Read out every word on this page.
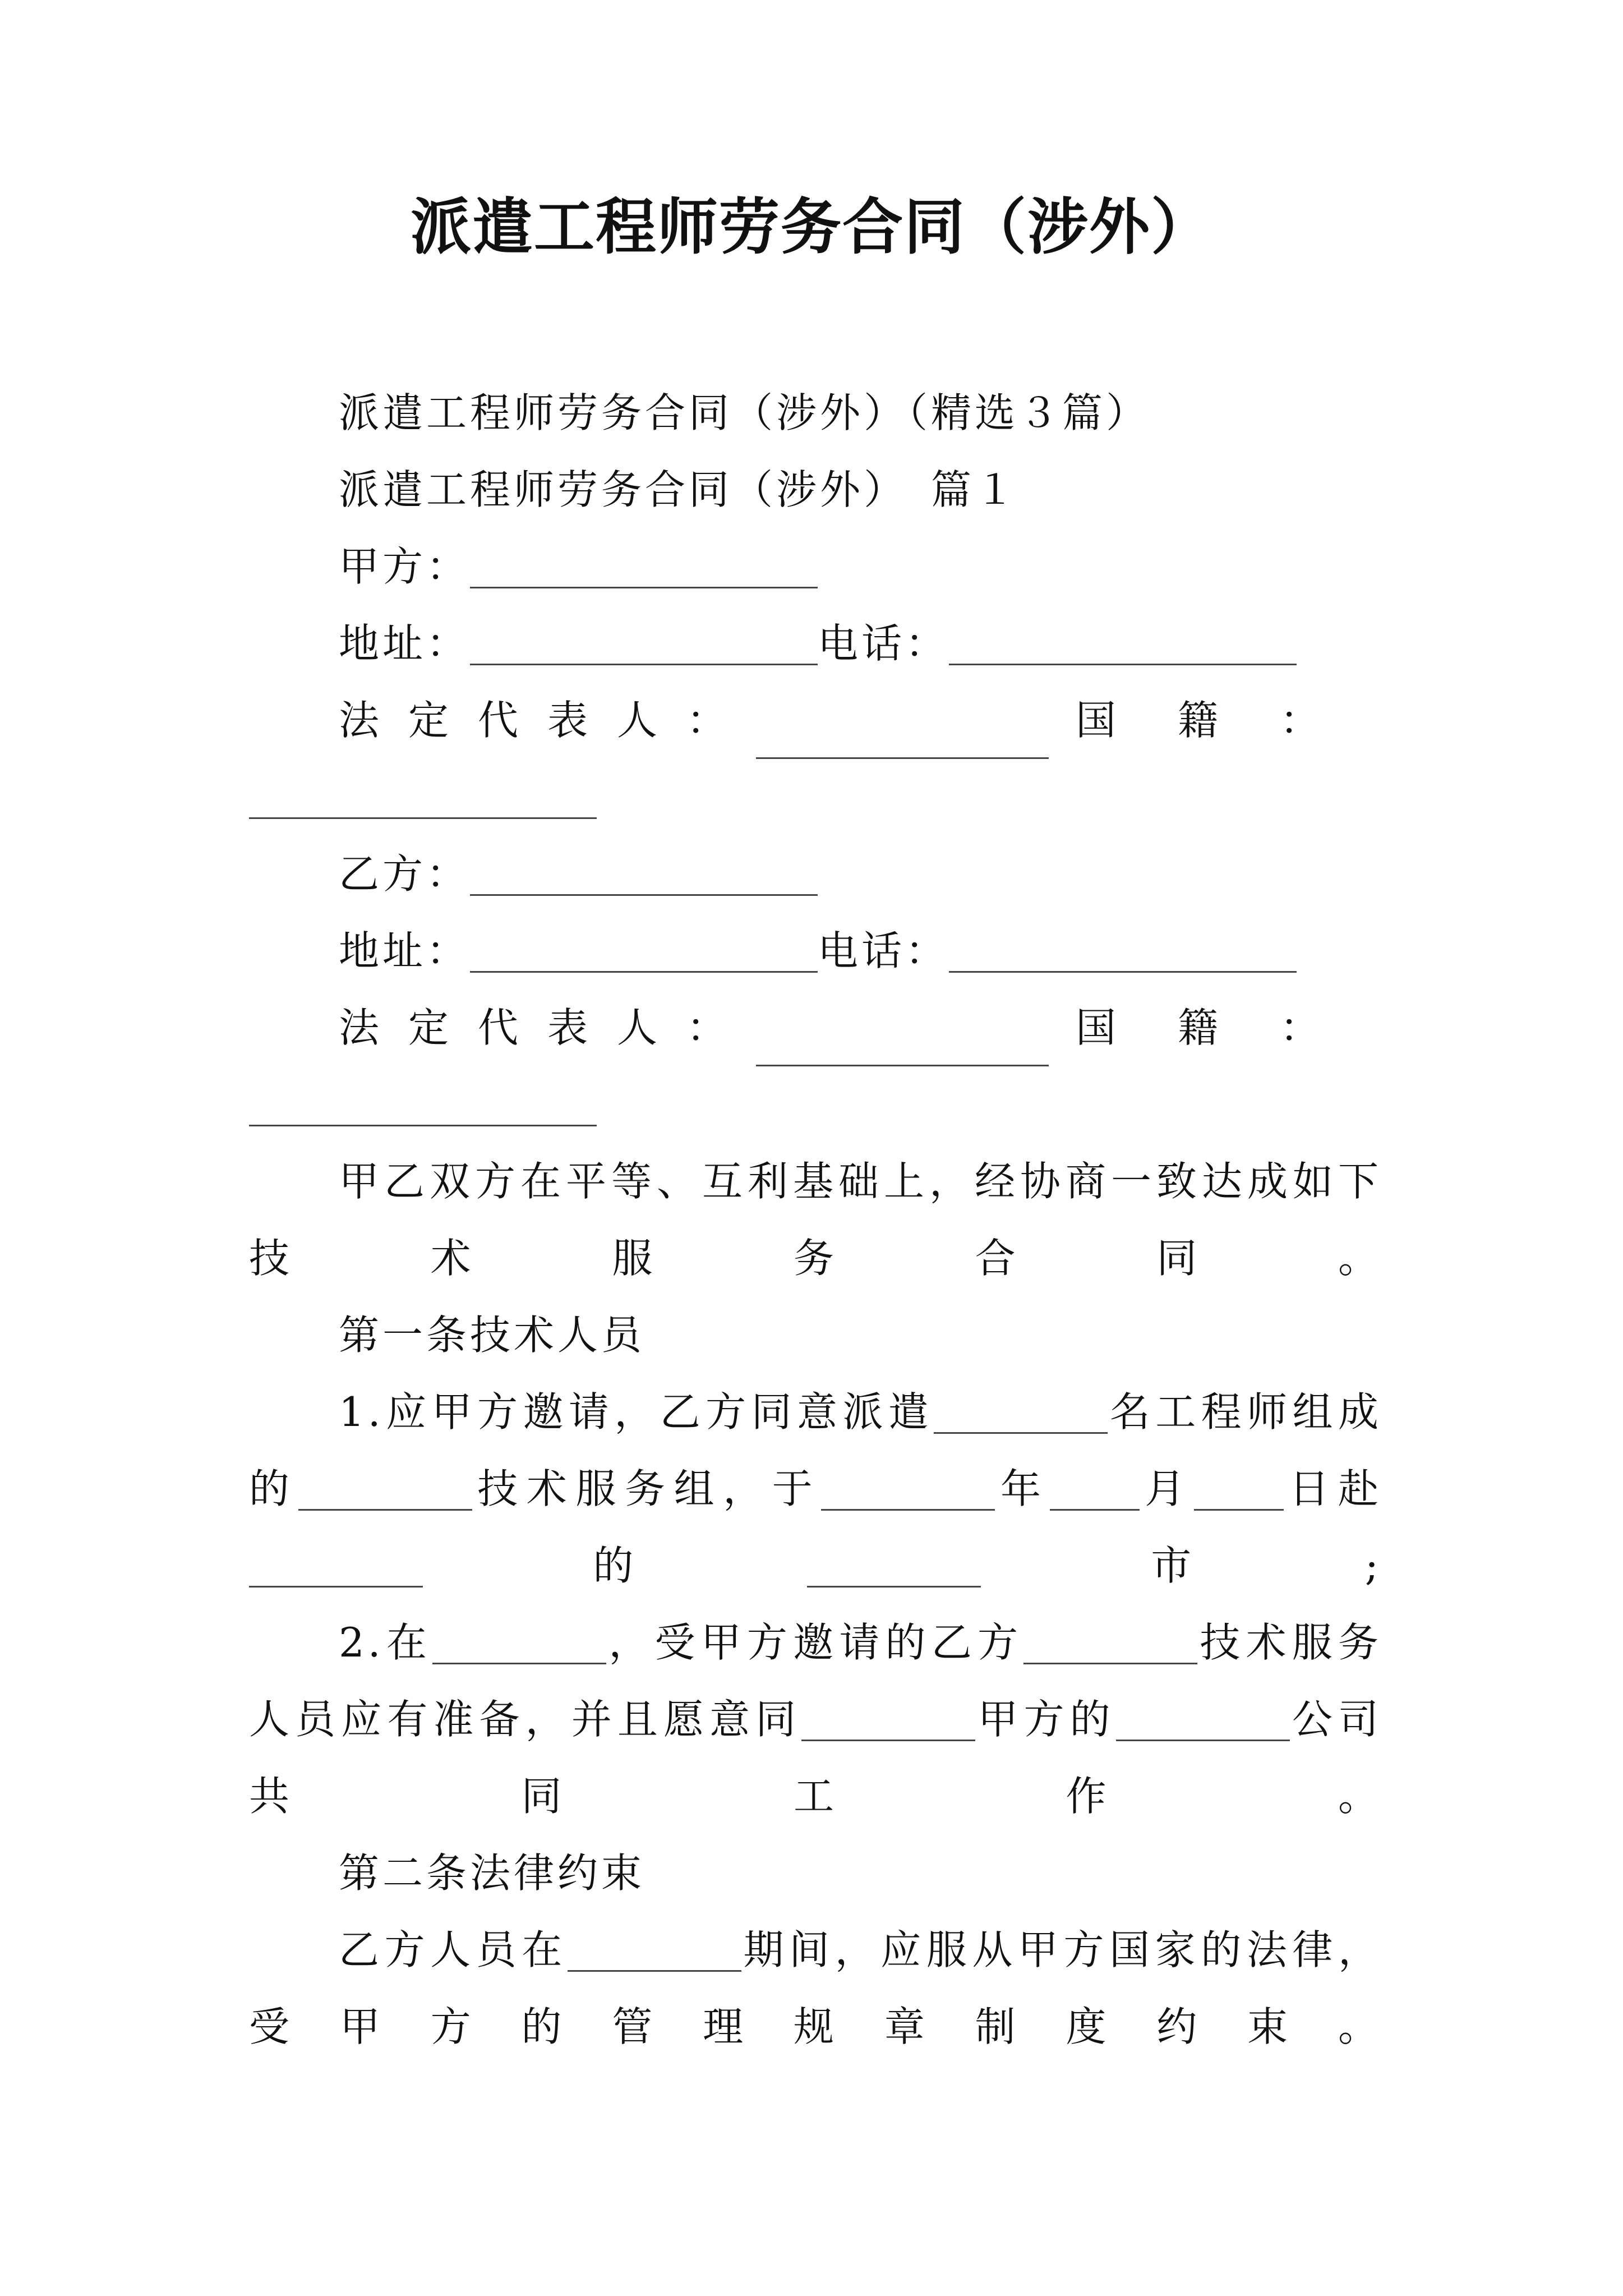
派遣工程师劳务合同（涉外）

派遣工程师劳务合同（涉外）（精选３篇）

派遣工程师劳务合同（涉外）　篇１

甲方：

地址：	电话：

法定代表人：	国籍：

乙方：

地址：	电话：

法定代表人：	国籍：

甲乙双方在平等、互利基础上，经协商一致达成如下技术服务合同。

第一条技术人员

1.应甲方邀请，乙方同意派遣	名工程师组成的	技术服务组，于	年 月 日赴的	市;

2.在	，受甲方邀请的乙方	技术服务人员应有准备，并且愿意同	甲方的	公司共同工作。

第二条法律约束

乙方人员在	期间，应服从甲方国家的法律，受甲方的管理规章制度约束。
